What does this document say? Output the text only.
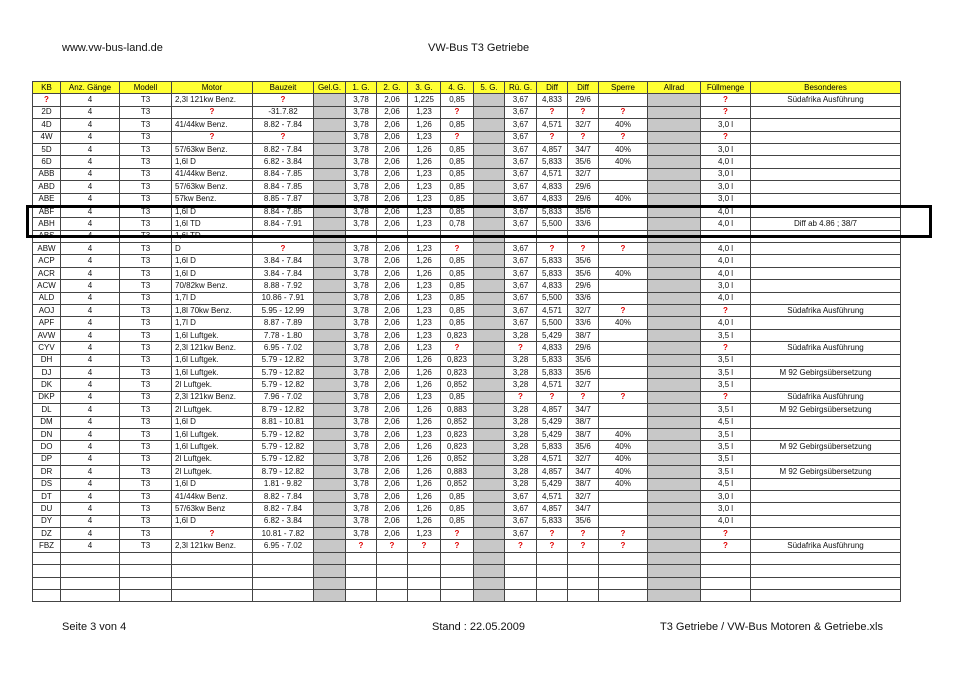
www.vw-bus-land.de	VW-Bus T3 Getriebe
KB	Anz. Gänge	Modell	Motor	Bauzeit	Gel.G.	1. G.	2. G.	3. G.	4. G.	5. G.	Rü. G.	Diff	Diff	Sperre	Allrad	Füllmenge	Besonderes
?	4	T3	2,3l 121kw Benz.	?		3,78	2,06	1,225	0,85		3,67	4,833	29/6			?	Südafrika Ausführung
2D	4	T3	?	-31.7.82		3,78	2,06	1,23	?		3,67	?	?	?		?	
4D	4	T3	41/44kw Benz.	8.82 - 7.84		3,78	2,06	1,26	0,85		3,67	4,571	32/7	40%		3,0 l	
4W	4	T3	?	?		3,78	2,06	1,23	?		3,67	?	?	?		?	
5D	4	T3	57/63kw Benz.	8.82 - 7.84		3,78	2,06	1,26	0,85		3,67	4,857	34/7	40%		3,0 l	
6D	4	T3	1,6l D	6.82 - 3.84		3,78	2,06	1,26	0,85		3,67	5,833	35/6	40%		4,0 l	
ABB	4	T3	41/44kw Benz.	8.84 - 7.85		3,78	2,06	1,23	0,85		3,67	4,571	32/7			3,0 l	
ABD	4	T3	57/63kw Benz.	8.84 - 7.85		3,78	2,06	1,23	0,85		3,67	4,833	29/6			3,0 l	
ABE	4	T3	57kw Benz.	8.85 - 7.87		3,78	2,06	1,23	0,85		3,67	4,833	29/6	40%		3,0 l	
ABF	4	T3	1,6l D	8.84 - 7.85		3,78	2,06	1,23	0,85		3,67	5,833	35/6			4,0 l	
ABH	4	T3	1,6l TD	8.84 - 7.91		3,78	2,06	1,23	0,78		3,67	5,500	33/6			4,0 l	Diff ab 4.86 ; 38/7
ABS	4	T3	1,6l TD														
ABW	4	T3	D	?		3,78	2,06	1,23	?		3,67	?	?	?		4,0 l	
ACP	4	T3	1,6l D	3.84 - 7.84		3,78	2,06	1,26	0,85		3,67	5,833	35/6			4,0 l	
ACR	4	T3	1,6l D	3.84 - 7.84		3,78	2,06	1,26	0,85		3,67	5,833	35/6	40%		4,0 l	
ACW	4	T3	70/82kw Benz.	8.88 - 7.92		3,78	2,06	1,23	0,85		3,67	4,833	29/6			3,0 l	
ALD	4	T3	1,7l D	10.86 - 7.91		3,78	2,06	1,23	0,85		3,67	5,500	33/6			4,0 l	
AOJ	4	T3	1,8l 70kw Benz.	5.95 - 12.99		3,78	2,06	1,23	0,85		3,67	4,571	32/7	?		?	Südafrika Ausführung
APF	4	T3	1,7l D	8.87 - 7.89		3,78	2,06	1,23	0,85		3,67	5,500	33/6	40%		4,0 l	
AVW	4	T3	1,6l Luftgek.	7.78 - 1.80		3,78	2,06	1,23	0,823		3,28	5,429	38/7			3,5 l	
CYV	4	T3	2,3l 121kw Benz.	6.95 - 7.02		3,78	2,06	1,23	?		?	4,833	29/6			?	Südafrika Ausführung
DH	4	T3	1,6l Luftgek.	5.79 - 12.82		3,78	2,06	1,26	0,823		3,28	5,833	35/6			3,5 l	
DJ	4	T3	1,6l Luftgek.	5.79 - 12.82		3,78	2,06	1,26	0,823		3,28	5,833	35/6			3,5 l	M 92 Gebirgsübersetzung
DK	4	T3	2l Luftgek.	5.79 - 12.82		3,78	2,06	1,26	0,852		3,28	4,571	32/7			3,5 l	
DKP	4	T3	2,3l 121kw Benz.	7.96 - 7.02		3,78	2,06	1,23	0,85		?	?	?	?		?	Südafrika Ausführung
DL	4	T3	2l Luftgek.	8.79 - 12.82		3,78	2,06	1,26	0,883		3,28	4,857	34/7			3,5 l	M 92 Gebirgsübersetzung
DM	4	T3	1,6l D	8.81 - 10.81		3,78	2,06	1,26	0,852		3,28	5,429	38/7			4,5 l	
DN	4	T3	1,6l Luftgek.	5.79 - 12.82		3,78	2,06	1,23	0,823		3,28	5,429	38/7	40%		3,5 l	
DO	4	T3	1,6l Luftgek.	5.79 - 12.82		3,78	2,06	1,26	0,823		3,28	5,833	35/6	40%		3,5 l	M 92 Gebirgsübersetzung
DP	4	T3	2l Luftgek.	5.79 - 12.82		3,78	2,06	1,26	0,852		3,28	4,571	32/7	40%		3,5 l	
DR	4	T3	2l Luftgek.	8.79 - 12.82		3,78	2,06	1,26	0,883		3,28	4,857	34/7	40%		3,5 l	M 92 Gebirgsübersetzung
DS	4	T3	1,6l D	1.81 - 9.82		3,78	2,06	1,26	0,852		3,28	5,429	38/7	40%		4,5 l	
DT	4	T3	41/44kw Benz.	8.82 - 7.84		3,78	2,06	1,26	0,85		3,67	4,571	32/7			3,0 l	
DU	4	T3	57/63kw Benz	8.82 - 7.84		3,78	2,06	1,26	0,85		3,67	4,857	34/7			3,0 l	
DY	4	T3	1,6l D	6.82 - 3.84		3,78	2,06	1,26	0,85		3,67	5,833	35/6			4,0 l	
DZ	4	T3	?	10.81 - 7.82		3,78	2,06	1,23	?		3,67	?	?	?		?	
FBZ	4	T3	2,3l 121kw Benz.	6.95 - 7.02		?	?	?	?		?	?	?	?		?	Südafrika Ausführung

Seite 3 von 4	Stand : 22.05.2009	T3 Getriebe / VW-Bus Motoren & Getriebe.xls
